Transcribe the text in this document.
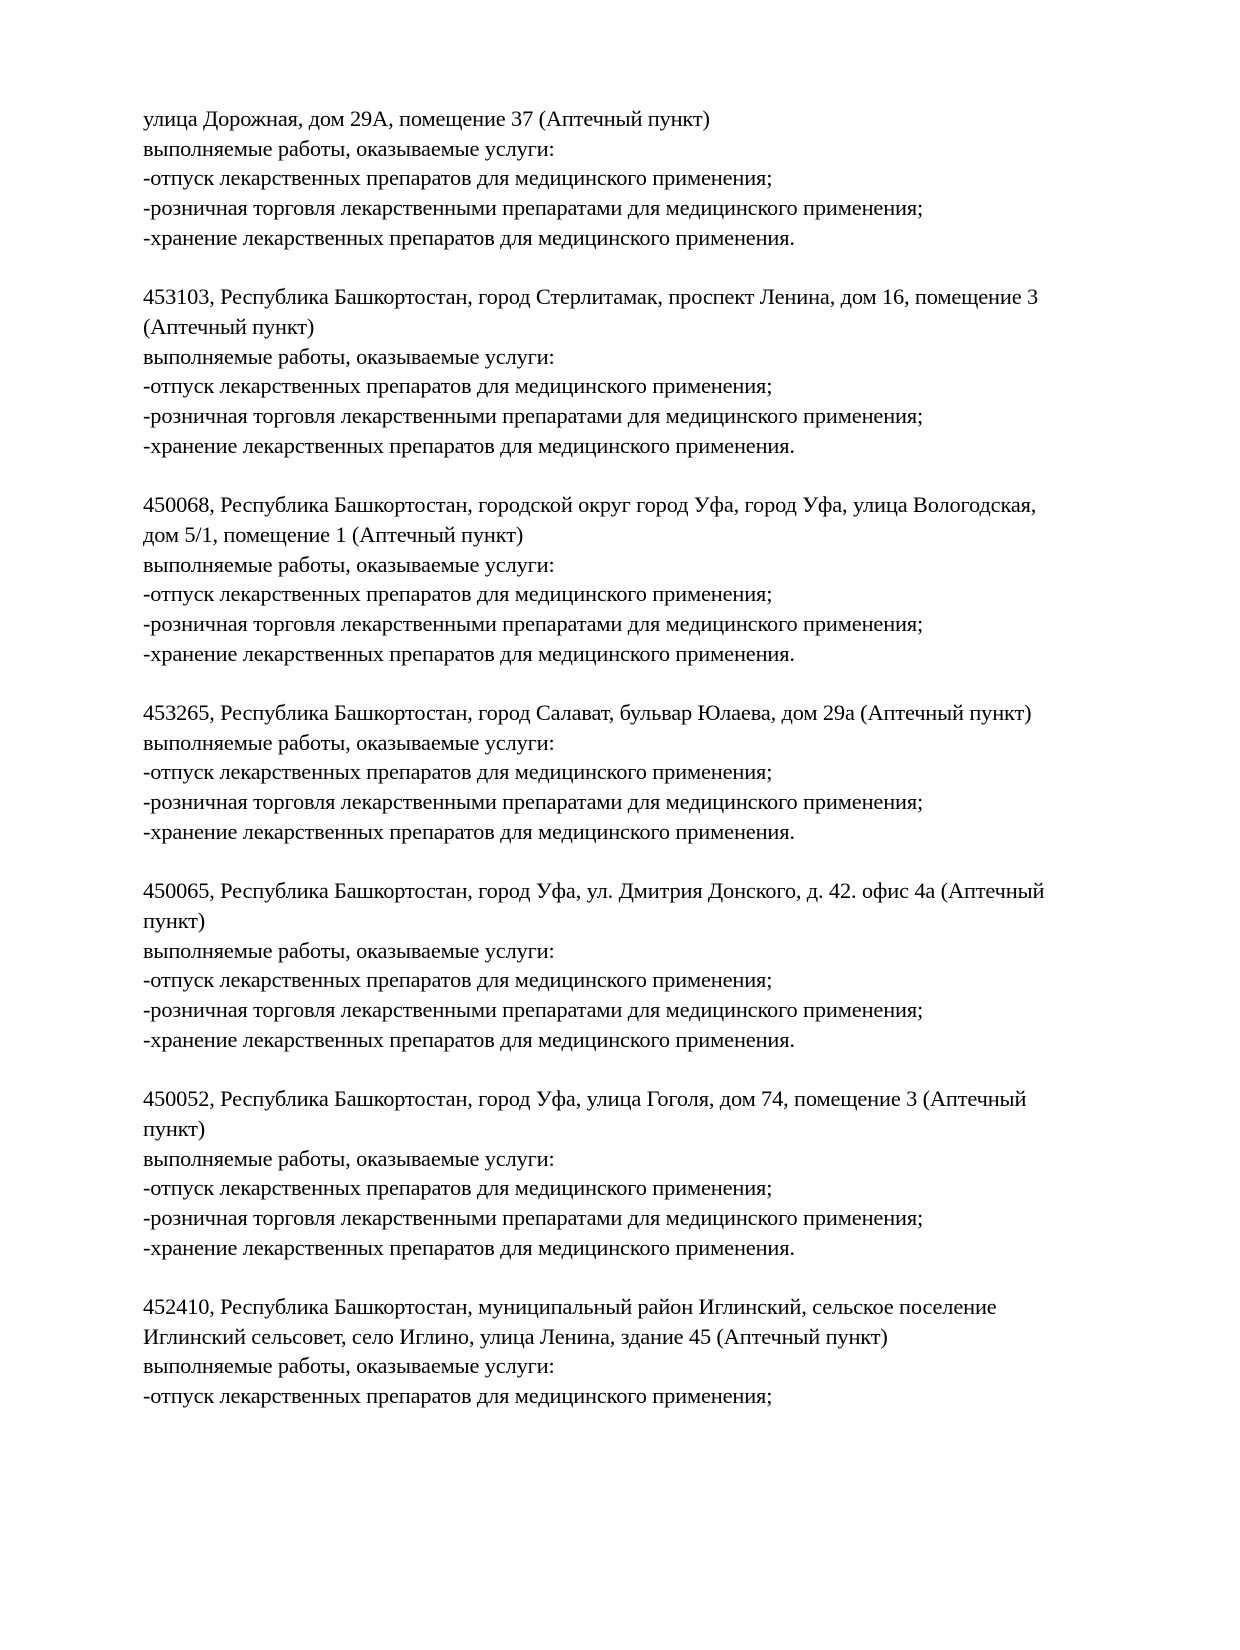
улица Дорожная, дом 29А, помещение 37 (Аптечный пункт)
выполняемые работы, оказываемые услуги:
-отпуск лекарственных препаратов для медицинского применения;
-розничная торговля лекарственными препаратами для медицинского применения;
-хранение лекарственных препаратов для медицинского применения.
453103, Республика Башкортостан, город Стерлитамак, проспект Ленина, дом 16, помещение 3
(Аптечный пункт)
выполняемые работы, оказываемые услуги:
-отпуск лекарственных препаратов для медицинского применения;
-розничная торговля лекарственными препаратами для медицинского применения;
-хранение лекарственных препаратов для медицинского применения.
450068, Республика Башкортостан, городской округ город Уфа, город Уфа, улица Вологодская,
дом 5/1, помещение 1 (Аптечный пункт)
выполняемые работы, оказываемые услуги:
-отпуск лекарственных препаратов для медицинского применения;
-розничная торговля лекарственными препаратами для медицинского применения;
-хранение лекарственных препаратов для медицинского применения.
453265, Республика Башкортостан, город Салават, бульвар Юлаева, дом 29а (Аптечный пункт)
выполняемые работы, оказываемые услуги:
-отпуск лекарственных препаратов для медицинского применения;
-розничная торговля лекарственными препаратами для медицинского применения;
-хранение лекарственных препаратов для медицинского применения.
450065, Республика Башкортостан, город Уфа, ул. Дмитрия Донского, д. 42. офис 4а (Аптечный
пункт)
выполняемые работы, оказываемые услуги:
-отпуск лекарственных препаратов для медицинского применения;
-розничная торговля лекарственными препаратами для медицинского применения;
-хранение лекарственных препаратов для медицинского применения.
450052, Республика Башкортостан, город Уфа, улица Гоголя, дом 74, помещение 3 (Аптечный
пункт)
выполняемые работы, оказываемые услуги:
-отпуск лекарственных препаратов для медицинского применения;
-розничная торговля лекарственными препаратами для медицинского применения;
-хранение лекарственных препаратов для медицинского применения.
452410, Республика Башкортостан, муниципальный район Иглинский, сельское поселение
Иглинский сельсовет, село Иглино, улица Ленина, здание 45 (Аптечный пункт)
выполняемые работы, оказываемые услуги:
-отпуск лекарственных препаратов для медицинского применения;
